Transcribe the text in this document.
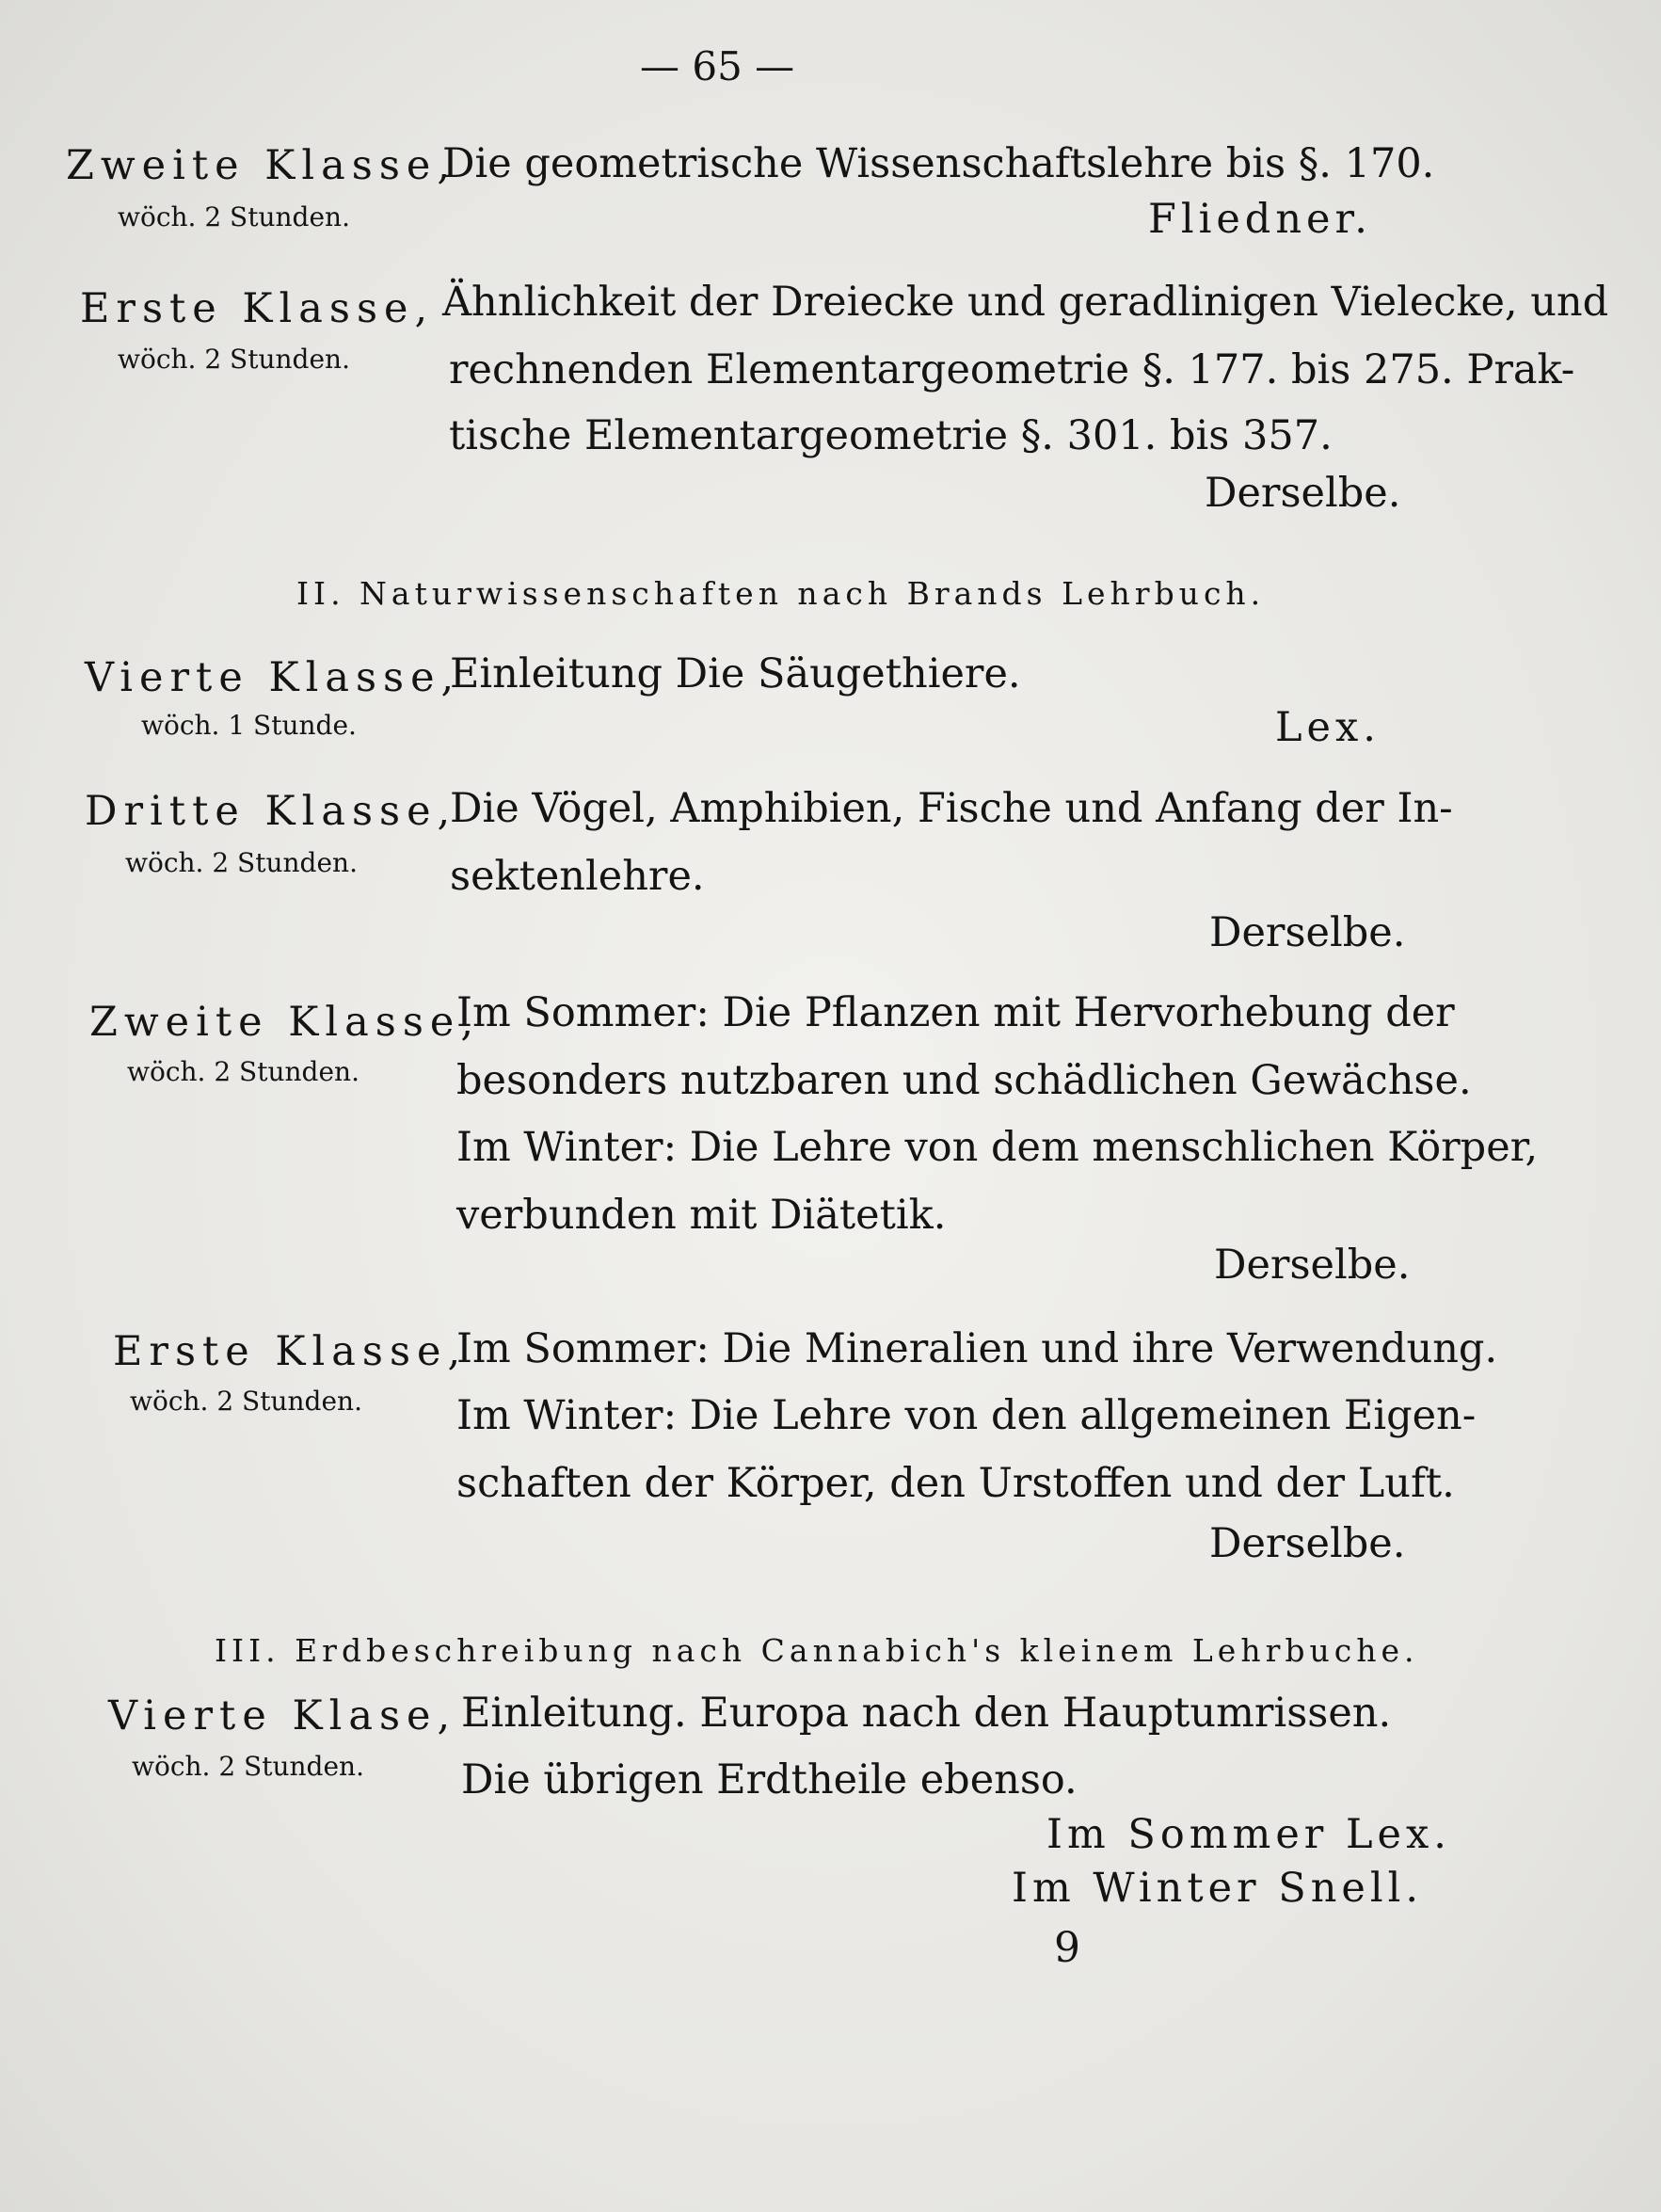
— 65 —
Zweite Klasse,
wöch. 2 Stunden.
Die geometrische Wissenschaftslehre bis §. 170.
Fliedner.
Erste Klasse,
wöch. 2 Stunden.
Ähnlichkeit der Dreiecke und geradlinigen Vielecke, und
rechnenden Elementargeometrie §. 177. bis 275. Prak-
tische Elementargeometrie §. 301. bis 357.
Derselbe.
II. Naturwissenschaften nach Brands Lehrbuch.
Vierte Klasse,
wöch. 1 Stunde.
Einleitung Die Säugethiere.
Lex.
Dritte Klasse,
wöch. 2 Stunden.
Die Vögel, Amphibien, Fische und Anfang der In-
sektenlehre.
Derselbe.
Zweite Klasse,
wöch. 2 Stunden.
Im Sommer: Die Pflanzen mit Hervorhebung der
besonders nutzbaren und schädlichen Gewächse.
Im Winter: Die Lehre von dem menschlichen Körper,
verbunden mit Diätetik.
Derselbe.
Erste Klasse,
wöch. 2 Stunden.
Im Sommer: Die Mineralien und ihre Verwendung.
Im Winter: Die Lehre von den allgemeinen Eigen-
schaften der Körper, den Urstoffen und der Luft.
Derselbe.
III. Erdbeschreibung nach Cannabich's kleinem Lehrbuche.
Vierte Klase,
wöch. 2 Stunden.
Einleitung. Europa nach den Hauptumrissen.
Die übrigen Erdtheile ebenso.
Im Sommer Lex.
Im Winter Snell.
9
